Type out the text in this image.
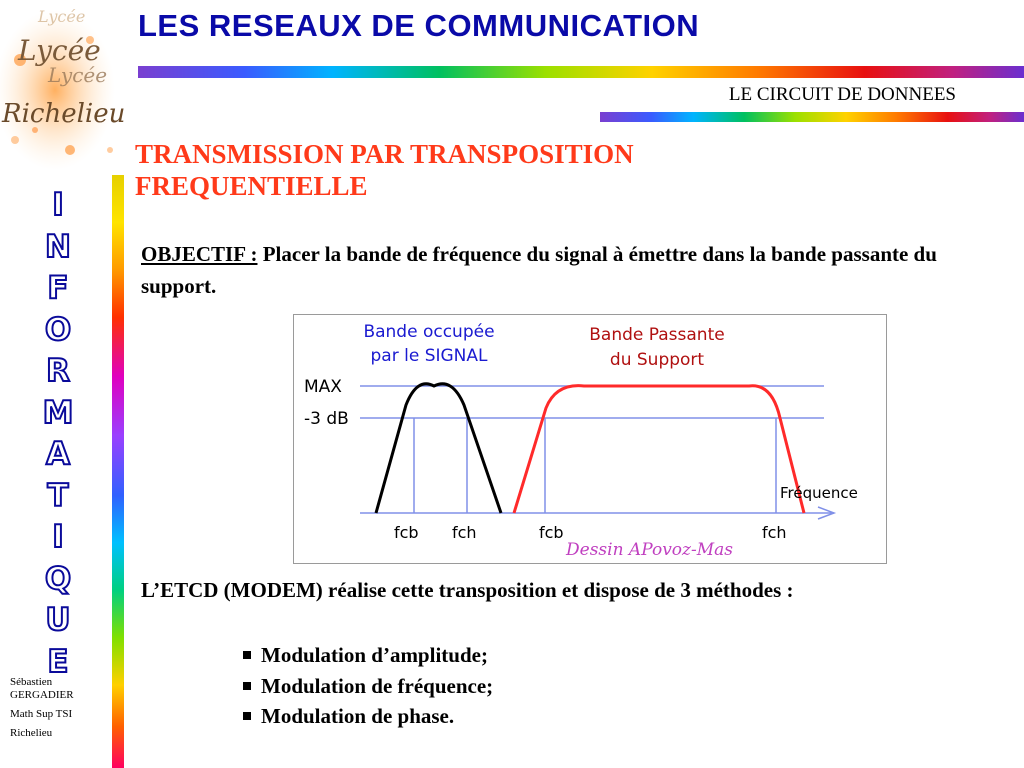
Lycée
Lycée
Lycée
Richelieu
LES RESEAUX DE COMMUNICATION
LE CIRCUIT DE DONNEES
I
N
F
O
R
M
A
T
I
Q
U
E
Sébastien
GERGADIER
Math Sup TSI
Richelieu
TRANSMISSION PAR TRANSPOSITION FREQUENTIELLE
OBJECTIF : Placer la bande de fréquence du signal à émettre dans la bande passante du support.
Bande occupée
par le SIGNAL
Bande Passante
du Support
MAX
-3 dB
Fréquence
fcb fch	fcb	fch
Dessin APovoz-Mas
L’ETCD (MODEM) réalise cette transposition et dispose de 3 méthodes :
Modulation d’amplitude;
Modulation de fréquence;
Modulation de phase.
